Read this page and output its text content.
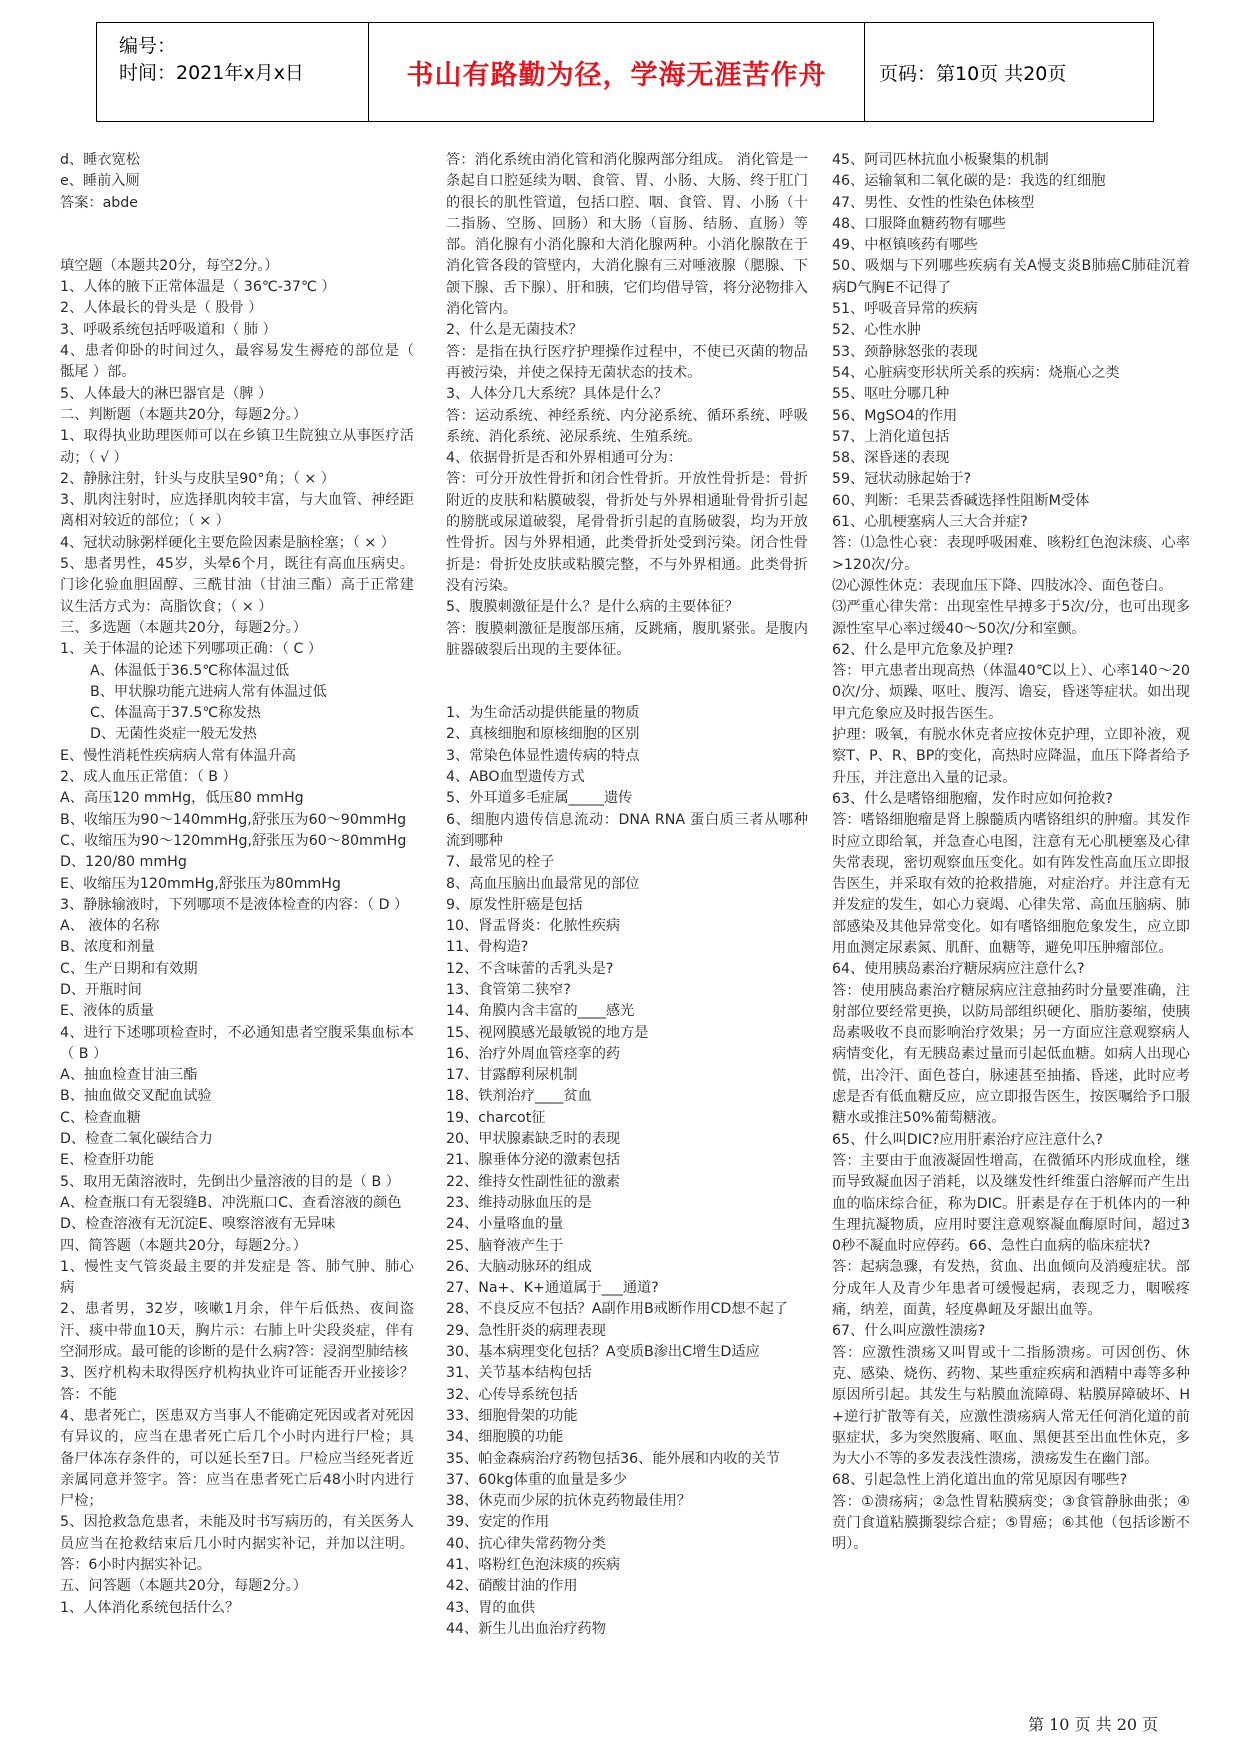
编号：
时间：2021年x月x日	书山有路勤为径，学海无涯苦作舟	页码：第10页 共20页

d、睡衣宽松

e、睡前入厕

答案：abde

填空题（本题共20分，每空2分。）

1、人体的腋下正常体温是（ 36℃-37℃ ）

2、人体最长的骨头是（ 股骨 ）

3、呼吸系统包括呼吸道和（ 肺 ）

4、患者仰卧的时间过久，最容易发生褥疮的部位是（ 骶尾 ）部。

5、人体最大的淋巴器官是（脾 ）

二、判断题（本题共20分，每题2分。）

1、取得执业助理医师可以在乡镇卫生院独立从事医疗活动；（ √ ）

2、静脉注射，针头与皮肤呈90°角；（ × ）

3、肌肉注射时，应选择肌肉较丰富，与大血管、神经距离相对较近的部位；（ × ）

4、冠状动脉粥样硬化主要危险因素是脑栓塞；（ × ）

5、患者男性，45岁，头晕6个月，既往有高血压病史。门诊化验血胆固醇、三酰甘油（甘油三酯）高于正常建议生活方式为：高脂饮食；（ × ）

三、多选题（本题共20分，每题2分。）

1、关于体温的论述下列哪项正确：（ C ）

A、体温低于36.5℃称体温过低

B、甲状腺功能亢进病人常有体温过低

C、体温高于37.5℃称发热

D、无菌性炎症一般无发热

E、慢性消耗性疾病病人常有体温升高

2、成人血压正常值：（ B ）

A、高压120 mmHg，低压80 mmHg

B、收缩压为90～140mmHg,舒张压为60～90mmHg

C、收缩压为90～120mmHg,舒张压为60～80mmHg

D、120/80 mmHg

E、收缩压为120mmHg,舒张压为80mmHg

3、静脉输液时，下列哪项不是液体检查的内容：（ D ）

A、 液体的名称

B、浓度和剂量

C、生产日期和有效期

D、开瓶时间

E、液体的质量

4、进行下述哪项检查时，不必通知患者空腹采集血标本（ B ）

A、抽血检查甘油三酯

B、抽血做交叉配血试验

C、检查血糖

D、检查二氧化碳结合力

E、检查肝功能

5、取用无菌溶液时，先倒出少量溶液的目的是（ B ）

A、检查瓶口有无裂缝B、冲洗瓶口C、查看溶液的颜色

D、检查溶液有无沉淀E、嗅察溶液有无异味

四、简答题（本题共20分，每题2分。）

1、慢性支气管炎最主要的并发症是 答、肺气肿、肺心病

2、患者男，32岁，咳嗽1月余，伴午后低热、夜间盗汗、痰中带血10天，胸片示：右肺上叶尖段炎症，伴有空洞形成。最可能的诊断的是什么病?答：浸润型肺结核

3、医疗机构未取得医疗机构执业许可证能否开业接诊？答：不能

4、患者死亡，医患双方当事人不能确定死因或者对死因有异议的，应当在患者死亡后几个小时内进行尸检；具备尸体冻存条件的，可以延长至7日。尸检应当经死者近亲属同意并签字。答：应当在患者死亡后48小时内进行尸检；

5、因抢救急危患者，未能及时书写病历的，有关医务人员应当在抢救结束后几小时内据实补记，并加以注明。答：6小时内据实补记。

五、问答题（本题共20分，每题2分。）

1、人体消化系统包括什么？

答：消化系统由消化管和消化腺两部分组成。 消化管是一条起自口腔延续为咽、食管、胃、小肠、大肠、终于肛门的很长的肌性管道，包括口腔、咽、食管、胃、小肠（十二指肠、空肠、回肠）和大肠（盲肠、结肠、直肠）等部。消化腺有小消化腺和大消化腺两种。小消化腺散在于消化管各段的管壁内，大消化腺有三对唾液腺（腮腺、下颌下腺、舌下腺）、肝和胰，它们均借导管，将分泌物排入消化管内。

2、什么是无菌技术？

答：是指在执行医疗护理操作过程中，不使已灭菌的物品再被污染，并使之保持无菌状态的技术。

3、人体分几大系统？具体是什么？

答：运动系统、神经系统、内分泌系统、循环系统、呼吸系统、消化系统、泌尿系统、生殖系统。

4、依据骨折是否和外界相通可分为：

答：可分开放性骨折和闭合性骨折。开放性骨折是：骨折附近的皮肤和粘膜破裂，骨折处与外界相通耻骨骨折引起的膀胱或尿道破裂，尾骨骨折引起的直肠破裂，均为开放性骨折。因与外界相通，此类骨折处受到污染。闭合性骨折是：骨折处皮肤或粘膜完整，不与外界相通。此类骨折没有污染。

5、腹膜刺激征是什么？是什么病的主要体征？

答：腹膜刺激征是腹部压痛，反跳痛，腹肌紧张。是腹内脏器破裂后出现的主要体征。

1、为生命活动提供能量的物质

2、真核细胞和原核细胞的区别

3、常染色体显性遗传病的特点

4、ABO血型遗传方式

5、外耳道多毛症属_____遗传

6、细胞内遗传信息流动：DNA RNA 蛋白质三者从哪种流到哪种

7、最常见的栓子

8、高血压脑出血最常见的部位

9、原发性肝癌是包括

10、肾盂肾炎：化脓性疾病

11、骨构造?

12、不含味蕾的舌乳头是?

13、食管第二狭窄?

14、角膜内含丰富的____感光

15、视网膜感光最敏锐的地方是

16、治疗外周血管痉挛的药

17、甘露醇利尿机制

18、铁剂治疗____贫血

19、charcot征

20、甲状腺素缺乏时的表现

21、腺垂体分泌的激素包括

22、维持女性副性征的激素

23、维持动脉血压的是

24、小量咯血的量

25、脑脊液产生于

26、大脑动脉环的组成

27、Na+、K+通道属于___通道?

28、不良反应不包括？A副作用B戒断作用CD想不起了

29、急性肝炎的病理表现

30、基本病理变化包括？A变质B渗出C增生D适应

31、关节基本结构包括

32、心传导系统包括

33、细胞骨架的功能

34、细胞膜的功能

35、帕金森病治疗药物包括36、能外展和内收的关节

37、60kg体重的血量是多少

38、休克而少尿的抗休克药物最佳用？

39、安定的作用

40、抗心律失常药物分类

41、咯粉红色泡沫痰的疾病

42、硝酸甘油的作用

43、胃的血供

44、新生儿出血治疗药物

45、阿司匹林抗血小板聚集的机制

46、运输氧和二氧化碳的是：我选的红细胞

47、男性、女性的性染色体核型

48、口服降血糖药物有哪些

49、中枢镇咳药有哪些

50、吸烟与下列哪些疾病有关A慢支炎B肺癌C肺硅沉着病D气胸E不记得了

51、呼吸音异常的疾病

52、心性水肿

53、颈静脉怒张的表现

54、心脏病变形状所关系的疾病：烧瓶心之类

55、呕吐分哪几种

56、MgSO4的作用

57、上消化道包括

58、深昏迷的表现

59、冠状动脉起始于?

60、判断：毛果芸香碱选择性阻断M受体

61、心肌梗塞病人三大合并症?

答：⑴急性心衰：表现呼吸困难、咳粉红色泡沫痰、心率>120次/分。

⑵心源性休克：表现血压下降、四肢冰冷、面色苍白。

⑶严重心律失常：出现室性早搏多于5次/分，也可出现多源性室早心率过缓40～50次/分和室颤。

62、什么是甲亢危象及护理?

答：甲亢患者出现高热（体温40℃以上）、心率140～200次/分、烦躁、呕吐、腹泻、谵妄，昏迷等症状。如出现甲亢危象应及时报告医生。

护理：吸氧，有脱水休克者应按休克护理，立即补液，观察T、P、R、BP的变化，高热时应降温，血压下降者给予升压，并注意出入量的记录。

63、什么是嗜铬细胞瘤，发作时应如何抢救?

答：嗜铬细胞瘤是肾上腺髓质内嗜铬组织的肿瘤。其发作时应立即给氧，并急查心电图，注意有无心肌梗塞及心律失常表现，密切观察血压变化。如有阵发性高血压立即报告医生，并采取有效的抢救措施，对症治疗。并注意有无并发症的发生，如心力衰竭、心律失常、高血压脑病、肺部感染及其他异常变化。如有嗜铬细胞危象发生，应立即用血测定尿素氮、肌酐、血糖等，避免叩压肿瘤部位。

64、使用胰岛素治疗糖尿病应注意什么?

答：使用胰岛素治疗糖尿病应注意抽药时分量要准确，注射部位要经常更换，以防局部组织硬化、脂肪萎缩，使胰岛素吸收不良而影响治疗效果；另一方面应注意观察病人病情变化，有无胰岛素过量而引起低血糖。如病人出现心慌，出冷汗、面色苍白，脉速甚至抽搐、昏迷，此时应考虑是否有低血糖反应，应立即报告医生，按医嘱给予口服糖水或推注50%葡萄糖液。

65、什么叫DIC?应用肝素治疗应注意什么?

答：主要由于血液凝固性增高，在微循环内形成血栓，继而导致凝血因子消耗，以及继发性纤维蛋白溶解而产生出血的临床综合征，称为DIC。肝素是存在于机体内的一种生理抗凝物质，应用时要注意观察凝血酶原时间，超过30秒不凝血时应停药。66、急性白血病的临床症状?

答：起病急骤，有发热，贫血、出血倾向及消瘦症状。部分成年人及青少年患者可缓慢起病，表现乏力，咽喉疼痛，纳差，面黄，轻度鼻衄及牙龈出血等。

67、什么叫应激性溃疡?

答：应激性溃疡又叫胃或十二指肠溃疡。可因创伤、休克、感染、烧伤、药物、某些重症疾病和酒精中毒等多种原因所引起。其发生与粘膜血流障碍、粘膜屏障破坏、H+逆行扩散等有关，应激性溃疡病人常无任何消化道的前驱症状，多为突然腹痛、呕血、黑便甚至出血性休克，多为大小不等的多发表浅性溃疡，溃疡发生在幽门部。

68、引起急性上消化道出血的常见原因有哪些?

答：①溃疡病；②急性胃粘膜病变；③食管静脉曲张；④贲门食道粘膜撕裂综合症；⑤胃癌；⑥其他（包括诊断不明）。

第 10 页 共 20 页
